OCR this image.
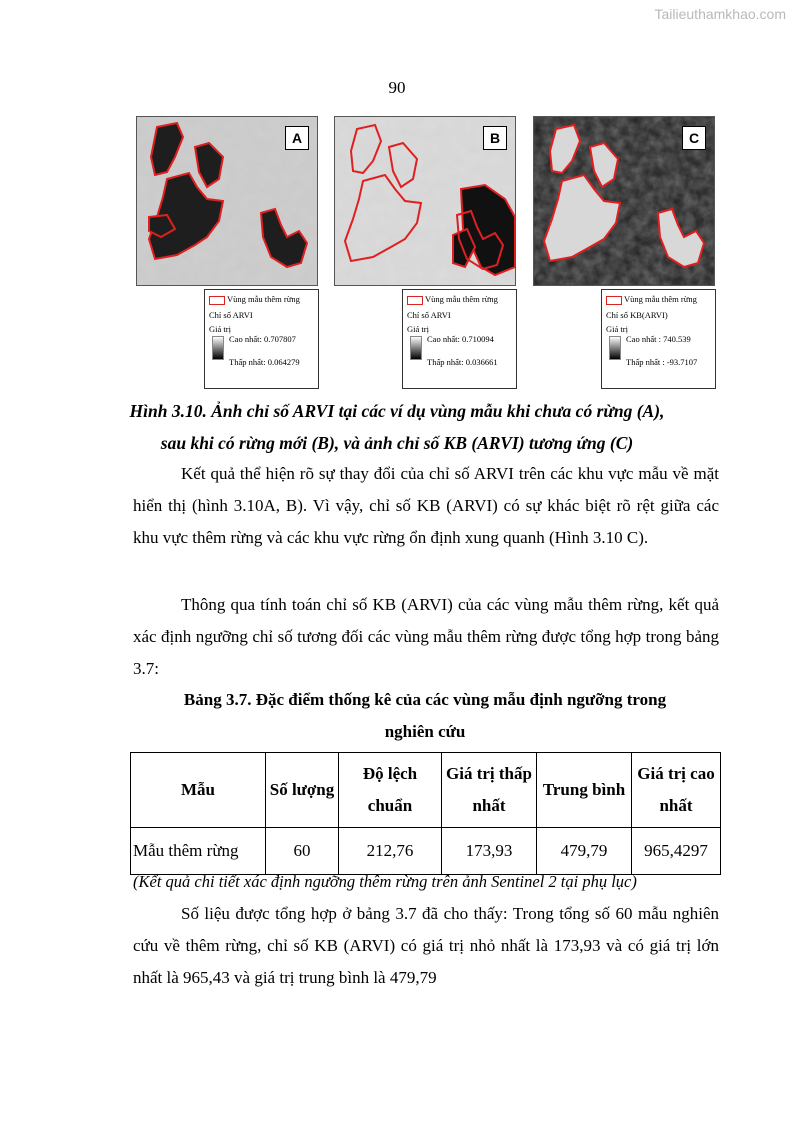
Tailieuthamkhao.com
90
A	B	C
Vùng mẫu thêm rừng
Chỉ số ARVI
Giá trị
Cao nhất: 0.707807
Thấp nhất: 0.064279
Vùng mẫu thêm rừng
Chỉ số ARVI
Giá trị
Cao nhất: 0.710094
Thấp nhất: 0.036661
Vùng mẫu thêm rừng
Chỉ số KB(ARVI)
Giá trị
Cao nhất : 740.539
Thấp nhất : -93.7107
Hình 3.10. Ảnh chỉ số ARVI tại các ví dụ vùng mẫu khi chưa có rừng (A),
sau khi có rừng mới (B), và ảnh chỉ số KB (ARVI) tương ứng (C)
Kết quả thể hiện rõ sự thay đổi của chỉ số ARVI trên các khu vực mẫu về mặt hiển thị (hình 3.10A, B). Vì vậy, chỉ số KB (ARVI) có sự khác biệt rõ rệt giữa các khu vực thêm rừng và các khu vực rừng ổn định xung quanh (Hình 3.10 C).
Thông qua tính toán chỉ số KB (ARVI) của các vùng mẫu thêm rừng, kết quả xác định ngưỡng chỉ số tương đối các vùng mẫu thêm rừng được tổng hợp trong bảng 3.7:
Bảng 3.7. Đặc điểm thống kê của các vùng mẫu định ngưỡng trong
nghiên cứu
Mẫu	Số lượng	Độ lệch chuẩn	Giá trị thấp nhất	Trung bình	Giá trị cao nhất
Mẫu thêm rừng	60	212,76	173,93	479,79	965,4297
(Kết quả chi tiết xác định ngưỡng thêm rừng trên ảnh Sentinel 2 tại phụ lục)
Số liệu được tổng hợp ở bảng 3.7 đã cho thấy: Trong tổng số 60 mẫu nghiên cứu về thêm rừng, chỉ số KB (ARVI) có giá trị nhỏ nhất là 173,93 và có giá trị lớn nhất là 965,43 và giá trị trung bình là 479,79
